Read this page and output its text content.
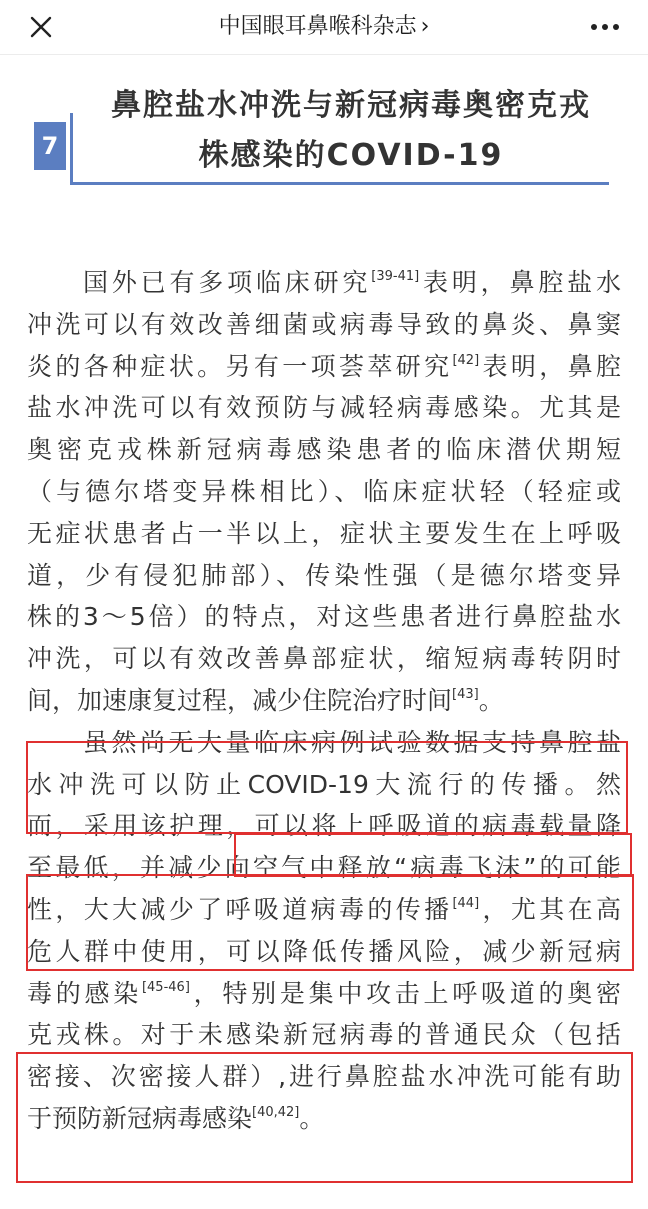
中国眼耳鼻喉科杂志 ›
7
鼻腔盐水冲洗与新冠病毒奥密克戎
株感染的COVID-19
国外已有多项临床研究[39-41]表明，鼻腔盐水
冲洗可以有效改善细菌或病毒导致的鼻炎、鼻窦
炎的各种症状。另有一项荟萃研究[42]表明，鼻腔
盐水冲洗可以有效预防与减轻病毒感染。尤其是
奥密克戎株新冠病毒感染患者的临床潜伏期短
（与德尔塔变异株相比）、临床症状轻（轻症或
无症状患者占一半以上，症状主要发生在上呼吸
道，少有侵犯肺部）、传染性强（是德尔塔变异
株的3～5倍）的特点，对这些患者进行鼻腔盐水
冲洗，可以有效改善鼻部症状，缩短病毒转阴时
间，加速康复过程，减少住院治疗时间[43]。
虽然尚无大量临床病例试验数据支持鼻腔盐
水冲洗可以防止COVID-19大流行的传播。然
而，采用该护理，可以将上呼吸道的病毒载量降
至最低，并减少向空气中释放“病毒飞沫”的可能
性，大大减少了呼吸道病毒的传播[44]，尤其在高
危人群中使用，可以降低传播风险，减少新冠病
毒的感染[45-46]，特别是集中攻击上呼吸道的奥密
克戎株。对于未感染新冠病毒的普通民众（包括
密接、次密接人群）,进行鼻腔盐水冲洗可能有助
于预防新冠病毒感染[40,42]。
